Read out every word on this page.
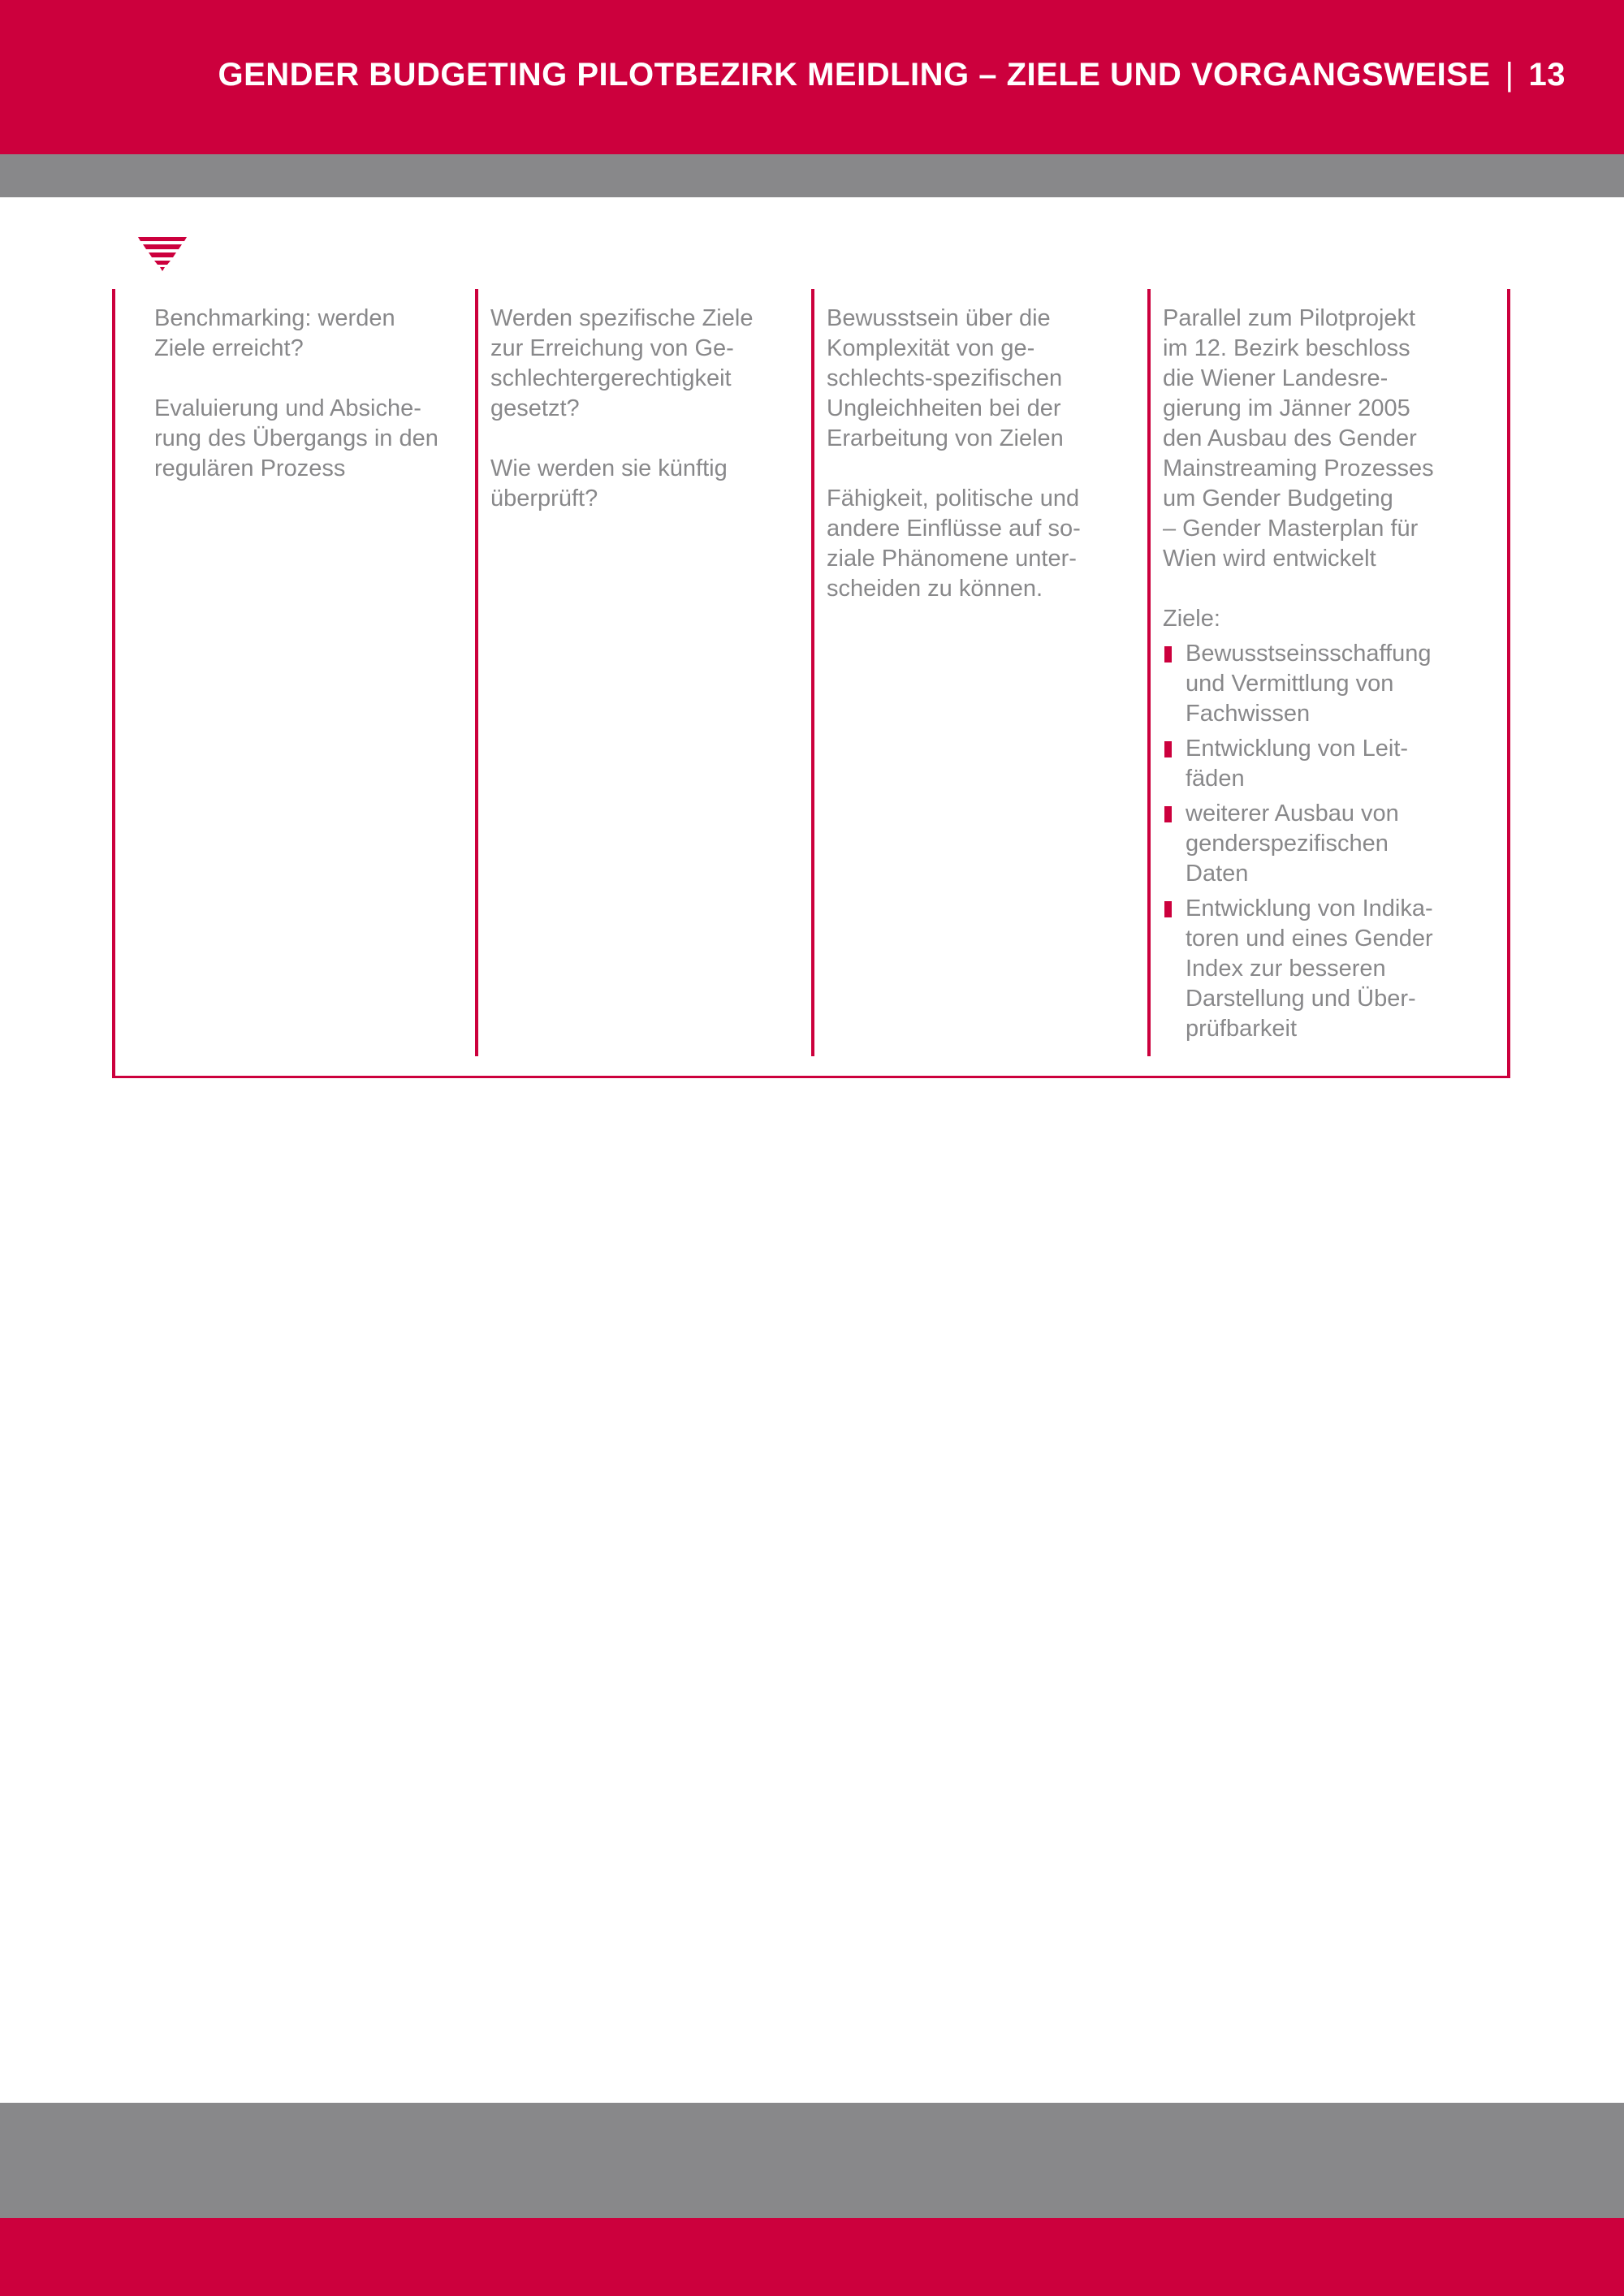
GENDER BUDGETING PILOTBEZIRK MEIDLING – ZIELE UND VORGANGSWEISE | 13

Benchmarking: werden
Ziele erreicht?

Evaluierung und Absiche-
rung des Übergangs in den
regulären Prozess

Werden spezifische Ziele
zur Erreichung von Ge-
schlechtergerechtigkeit
gesetzt?

Wie werden sie künftig
überprüft?

Bewusstsein über die
Komplexität von ge-
schlechts-spezifischen
Ungleichheiten bei der
Erarbeitung von Zielen

Fähigkeit, politische und
andere Einflüsse auf so-
ziale Phänomene unter-
scheiden zu können.

Parallel zum Pilotprojekt
im 12. Bezirk beschloss
die Wiener Landesre-
gierung im Jänner 2005
den Ausbau des Gender
Mainstreaming Prozesses
um Gender Budgeting
– Gender Masterplan für
Wien wird entwickelt

Ziele:
Bewusstseinsschaffung
und Vermittlung von
Fachwissen
Entwicklung von Leit-
fäden
weiterer Ausbau von
genderspezifischen
Daten
Entwicklung von Indika-
toren und eines Gender
Index zur besseren
Darstellung und Über-
prüfbarkeit
